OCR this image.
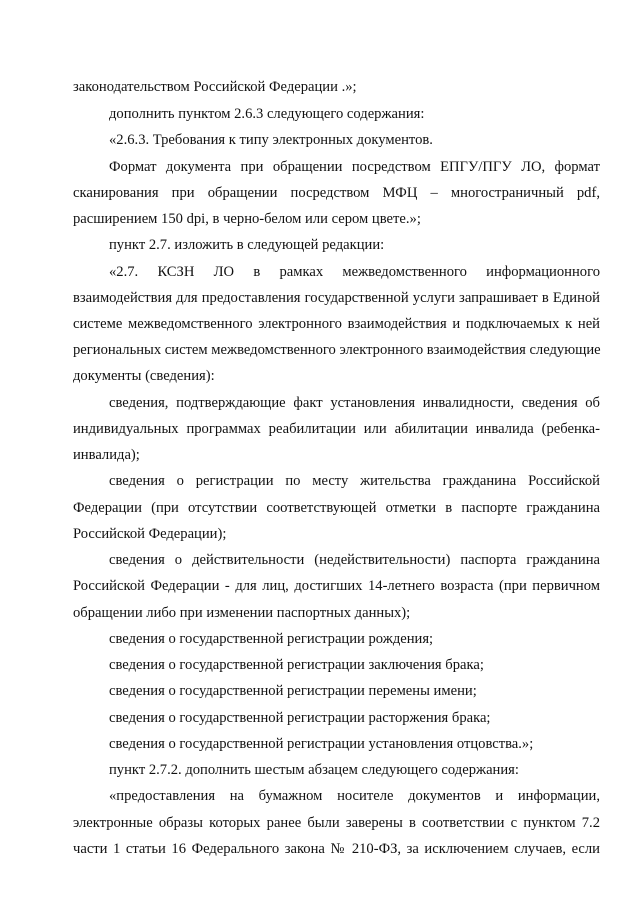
законодательством Российской Федерации .»;
дополнить пунктом 2.6.3 следующего содержания:
«2.6.3. Требования к типу электронных документов.
Формат документа при обращении посредством ЕПГУ/ПГУ ЛО, формат
сканирования при обращении посредством МФЦ – многостраничный pdf,
расширением 150 dpi, в черно-белом или сером цвете.»;
пункт 2.7. изложить в следующей редакции:
«2.7. КСЗН ЛО в рамках межведомственного информационного
взаимодействия для предоставления государственной услуги запрашивает в Единой
системе межведомственного электронного взаимодействия и подключаемых к ней
региональных систем межведомственного электронного взаимодействия следующие
документы (сведения):
сведения, подтверждающие факт установления инвалидности, сведения об
индивидуальных программах реабилитации или абилитации инвалида (ребенка-
инвалида);
сведения о регистрации по месту жительства гражданина Российской
Федерации (при отсутствии соответствующей отметки в паспорте гражданина
Российской Федерации);
сведения о действительности (недействительности) паспорта гражданина
Российской Федерации - для лиц, достигших 14-летнего возраста (при первичном
обращении либо при изменении паспортных данных);
сведения о государственной регистрации рождения;
сведения о государственной регистрации заключения брака;
сведения о государственной регистрации перемены имени;
сведения о государственной регистрации расторжения брака;
сведения о государственной регистрации установления отцовства.»;
пункт 2.7.2. дополнить шестым абзацем следующего содержания:
«предоставления на бумажном носителе документов и информации,
электронные образы которых ранее были заверены в соответствии с пунктом 7.2
части 1 статьи 16 Федерального закона № 210-ФЗ, за исключением случаев, если
